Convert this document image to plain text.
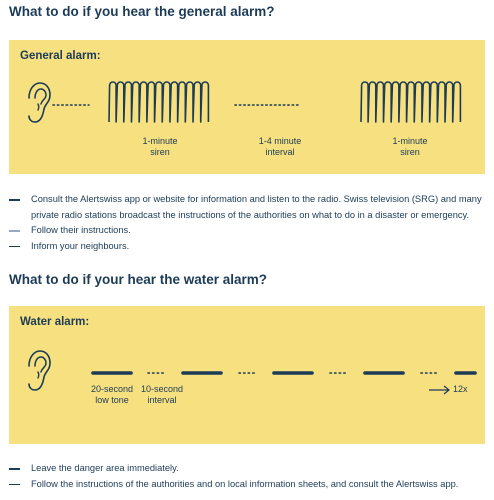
What to do if you hear the general alarm?
General alarm:
1-minute
siren
1-4 minute
interval
1-minute
siren
Consult the Alertswiss app or website for information and listen to the radio. Swiss television (SRG) and many private radio stations broadcast the instructions of the authorities on what to do in a disaster or emergency.
Follow their instructions.
Inform your neighbours.
What to do if your hear the water alarm?
Water alarm:
20-second
low tone
10-second
interval
12x
Leave the danger area immediately.
Follow the instructions of the authorities and on local information sheets, and consult the Alertswiss app.
